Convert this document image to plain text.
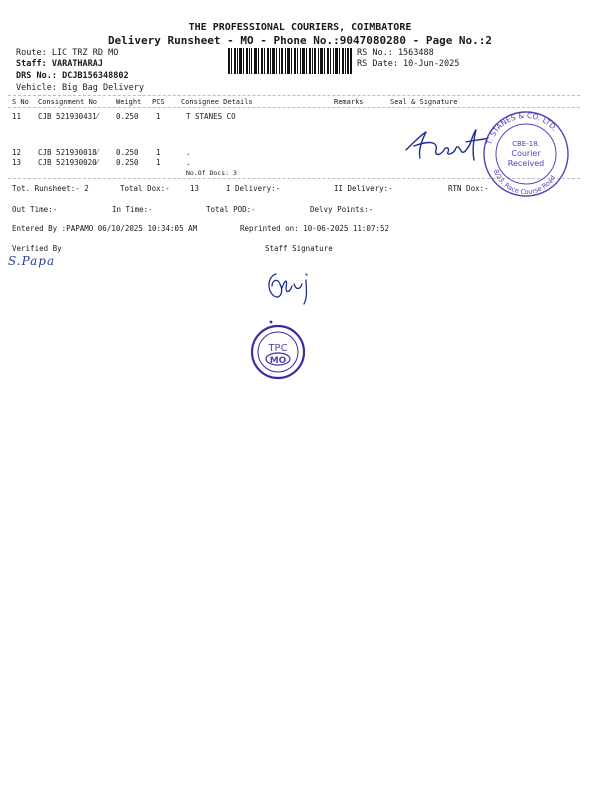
THE PROFESSIONAL COURIERS, COIMBATORE
Delivery Runsheet - MO - Phone No.:9047080280 - Page No.:2
Route: LIC TRZ RD MO
Staff: VARATHARAJ
DRS No.: DCJB156348802
Vehicle: Big Bag Delivery
RS No.: 1563488
RS Date: 10-Jun-2025
S No Consignment No	Weight PCS Consignee Details	Remarks	Seal & Signature
11 CJB 521930431⁄ 0.250 1	T STANES CO
12 CJB 521930018⁄ 0.250 1	.
13 CJB 521930020⁄ 0.250 1	.
No.Of Docs: 3
T. STANES & CO. LTD.
8/23, Race Course Road
CBE-18.
Courier
Received
Tot. Runsheet:- 2	Total Dox:-	13	I Delivery:-	II Delivery:-	RTN Dox:-
Out Time:-	In Time:-	Total POD:-	Delvy Points:-
Entered By :PAPAMO 06/10/2025 10:34:05 AM	Reprinted on: 10-06-2025 11:07:52
Verified By	Staff Signature
S.Papa
TPC
MO
